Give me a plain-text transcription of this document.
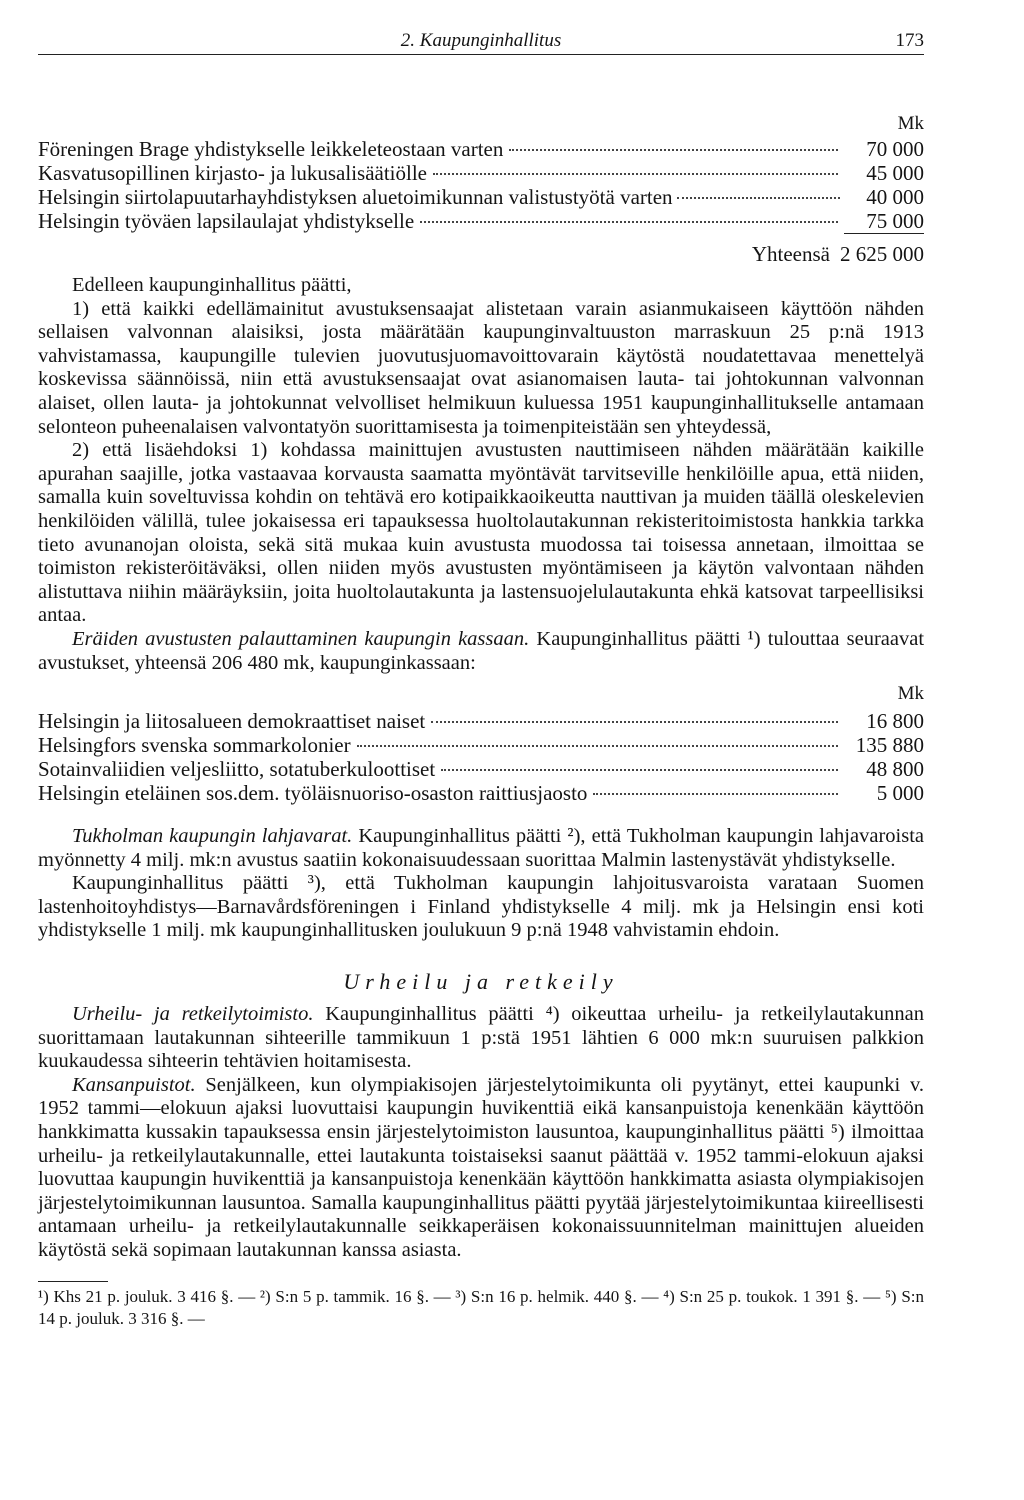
2. Kaupunginhallitus	173
Mk
Föreningen Brage yhdistykselle leikkeleteostaan varten	70 000
Kasvatusopillinen kirjasto- ja lukusalisäätiölle	45 000
Helsingin siirtolapuutarhayhdistyksen aluetoimikunnan valistustyötä varten	40 000
Helsingin työväen lapsilaulajat yhdistykselle	75 000
Yhteensä 2 625 000

Edelleen kaupunginhallitus päätti,

1) että kaikki edellämainitut avustuksensaajat alistetaan varain asianmukaiseen käyttöön nähden sellaisen valvonnan alaisiksi, josta määrätään kaupunginvaltuuston marraskuun 25 p:nä 1913 vahvistamassa, kaupungille tulevien juovutusjuomavoittovarain käytöstä noudatettavaa menettelyä koskevissa säännöissä, niin että avustuksensaajat ovat asianomaisen lauta- tai johtokunnan valvonnan alaiset, ollen lauta- ja johtokunnat velvolliset helmikuun kuluessa 1951 kaupunginhallitukselle antamaan selonteon puheenalaisen valvontatyön suorittamisesta ja toimenpiteistään sen yhteydessä,

2) että lisäehdoksi 1) kohdassa mainittujen avustusten nauttimiseen nähden määrätään kaikille apurahan saajille, jotka vastaavaa korvausta saamatta myöntävät tarvitseville henkilöille apua, että niiden, samalla kuin soveltuvissa kohdin on tehtävä ero kotipaikkaoikeutta nauttivan ja muiden täällä oleskelevien henkilöiden välillä, tulee jokaisessa eri tapauksessa huoltolautakunnan rekisteritoimistosta hankkia tarkka tieto avunanojan oloista, sekä sitä mukaa kuin avustusta muodossa tai toisessa annetaan, ilmoittaa se toimiston rekisteröitäväksi, ollen niiden myös avustusten myöntämiseen ja käytön valvontaan nähden alistuttava niihin määräyksiin, joita huoltolautakunta ja lastensuojelulautakunta ehkä katsovat tarpeellisiksi antaa.

Eräiden avustusten palauttaminen kaupungin kassaan. Kaupunginhallitus päätti ¹) tulouttaa seuraavat avustukset, yhteensä 206 480 mk, kaupunginkassaan:

Mk
Helsingin ja liitosalueen demokraattiset naiset	16 800
Helsingfors svenska sommarkolonier	135 880
Sotainvaliidien veljesliitto, sotatuberkuloottiset	48 800
Helsingin eteläinen sos.dem. työläisnuoriso-osaston raittiusjaosto	5 000

Tukholman kaupungin lahjavarat. Kaupunginhallitus päätti ²), että Tukholman kaupungin lahjavaroista myönnetty 4 milj. mk:n avustus saatiin kokonaisuudessaan suorittaa Malmin lastenystävät yhdistykselle.

Kaupunginhallitus päätti ³), että Tukholman kaupungin lahjoitusvaroista varataan Suomen lastenhoitoyhdistys—Barnavårdsföreningen i Finland yhdistykselle 4 milj. mk ja Helsingin ensi koti yhdistykselle 1 milj. mk kaupunginhallitusken joulukuun 9 p:nä 1948 vahvistamin ehdoin.

Urheilu ja retkeily

Urheilu- ja retkeilytoimisto. Kaupunginhallitus päätti ⁴) oikeuttaa urheilu- ja retkeilylautakunnan suorittamaan lautakunnan sihteerille tammikuun 1 p:stä 1951 lähtien 6 000 mk:n suuruisen palkkion kuukaudessa sihteerin tehtävien hoitamisesta.

Kansanpuistot. Senjälkeen, kun olympiakisojen järjestelytoimikunta oli pyytänyt, ettei kaupunki v. 1952 tammi—elokuun ajaksi luovuttaisi kaupungin huvikenttiä eikä kansanpuistoja kenenkään käyttöön hankkimatta kussakin tapauksessa ensin järjestelytoimiston lausuntoa, kaupunginhallitus päätti ⁵) ilmoittaa urheilu- ja retkeilylautakunnalle, ettei lautakunta toistaiseksi saanut päättää v. 1952 tammi-elokuun ajaksi luovuttaa kaupungin huvikenttiä ja kansanpuistoja kenenkään käyttöön hankkimatta asiasta olympiakisojen järjestelytoimikunnan lausuntoa. Samalla kaupunginhallitus päätti pyytää järjestelytoimikuntaa kiireellisesti antamaan urheilu- ja retkeilylautakunnalle seikkaperäisen kokonaissuunnitelman mainittujen alueiden käytöstä sekä sopimaan lautakunnan kanssa asiasta.

¹) Khs 21 p. jouluk. 3 416 §. — ²) S:n 5 p. tammik. 16 §. — ³) S:n 16 p. helmik. 440 §. — ⁴) S:n 25 p. toukok. 1 391 §. — ⁵) S:n 14 p. jouluk. 3 316 §. —
